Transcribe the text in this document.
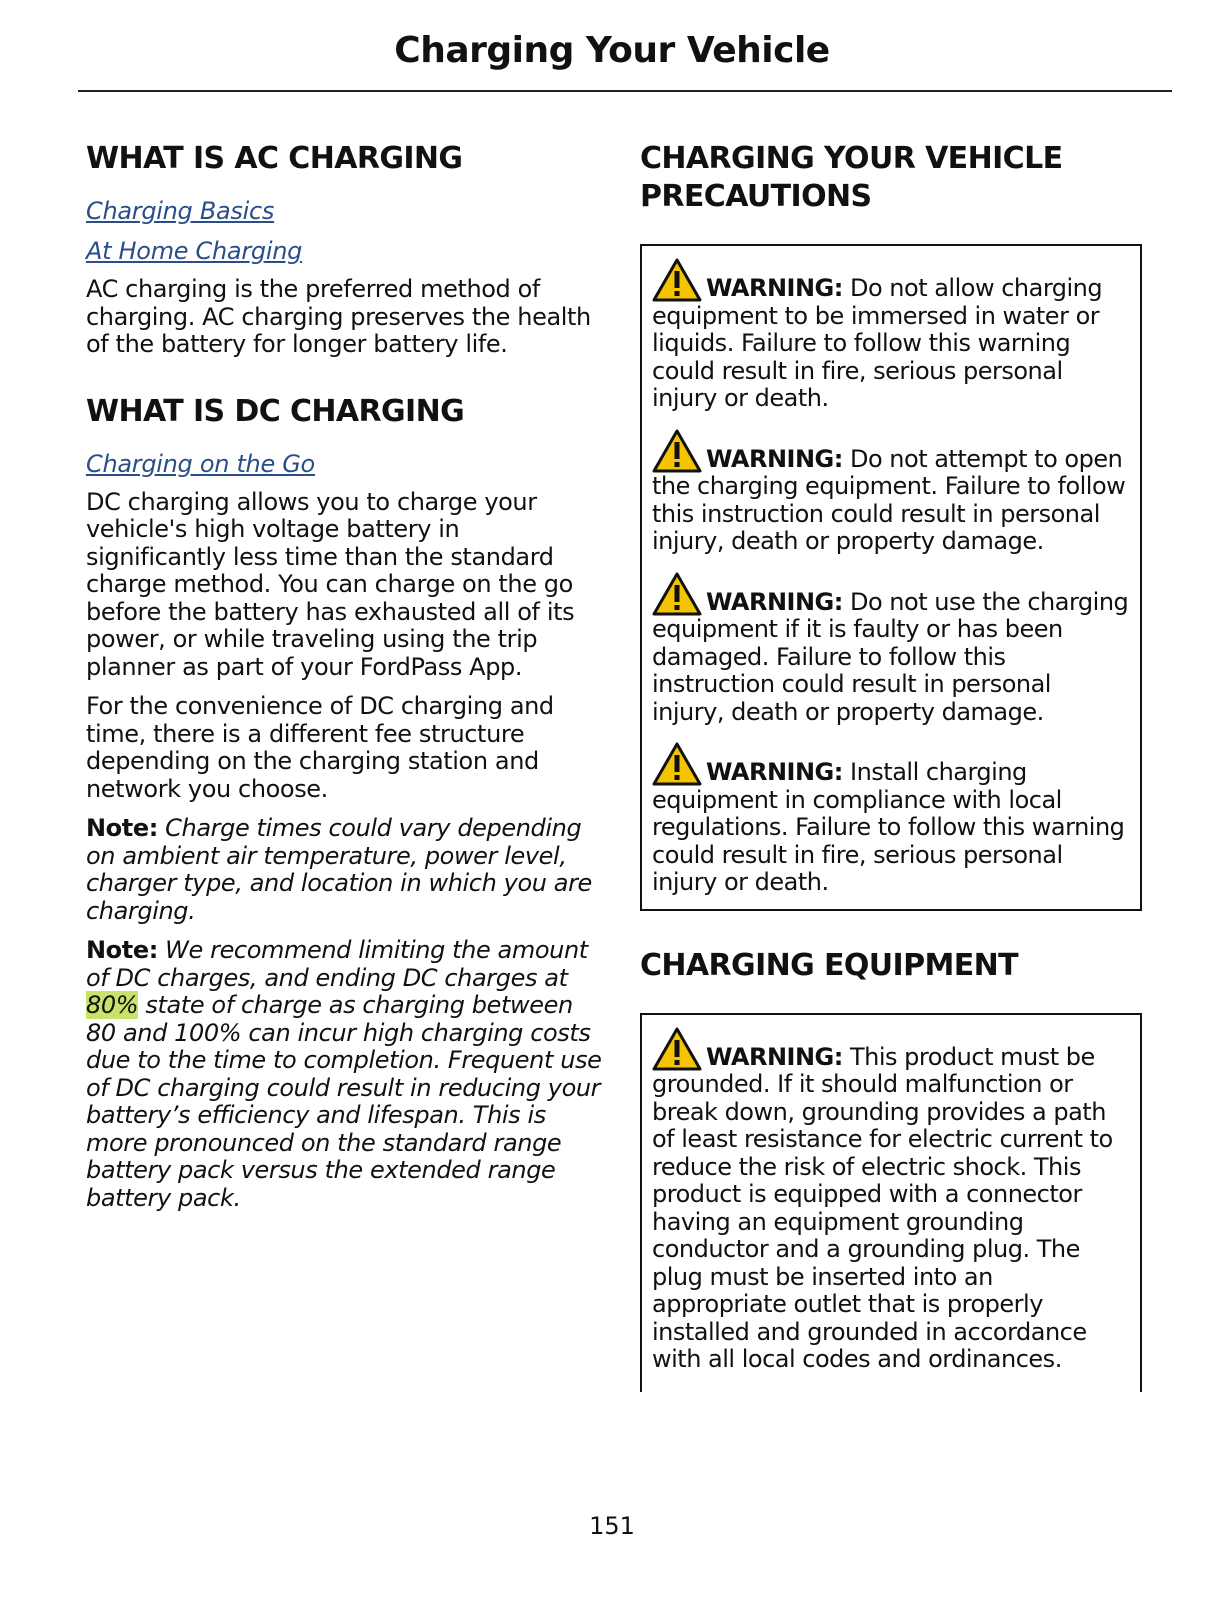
Charging Your Vehicle
WHAT IS AC CHARGING
Charging Basics
At Home Charging

AC charging is the preferred method of charging. AC charging preserves the health of the battery for longer battery life.

WHAT IS DC CHARGING
Charging on the Go

DC charging allows you to charge your vehicle's high voltage battery in significantly less time than the standard charge method. You can charge on the go before the battery has exhausted all of its power, or while traveling using the trip planner as part of your FordPass App.

For the convenience of DC charging and time, there is a different fee structure depending on the charging station and network you choose.

Note: Charge times could vary depending on ambient air temperature, power level, charger type, and location in which you are charging.

Note: We recommend limiting the amount of DC charges, and ending DC charges at 80% state of charge as charging between 80 and 100% can incur high charging costs due to the time to completion. Frequent use of DC charging could result in reducing your battery’s efficiency and lifespan. This is more pronounced on the standard range battery pack versus the extended range battery pack.

CHARGING YOUR VEHICLE PRECAUTIONS
WARNING: Do not allow charging equipment to be immersed in water or liquids. Failure to follow this warning could result in fire, serious personal injury or death.
WARNING: Do not attempt to open the charging equipment. Failure to follow this instruction could result in personal injury, death or property damage.
WARNING: Do not use the charging equipment if it is faulty or has been damaged. Failure to follow this instruction could result in personal injury, death or property damage.
WARNING: Install charging equipment in compliance with local regulations. Failure to follow this warning could result in fire, serious personal injury or death.
CHARGING EQUIPMENT
WARNING: This product must be grounded. If it should malfunction or break down, grounding provides a path of least resistance for electric current to reduce the risk of electric shock. This product is equipped with a connector having an equipment grounding conductor and a grounding plug. The plug must be inserted into an appropriate outlet that is properly installed and grounded in accordance with all local codes and ordinances.
151
